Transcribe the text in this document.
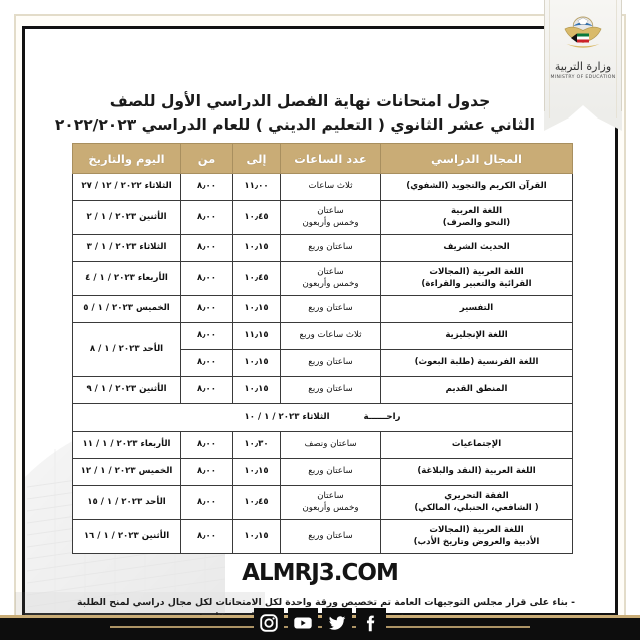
جدول امتحانات نهاية الفصل الدراسي الأول للصف
الثاني عشر الثانوي ( التعليم الديني ) للعام الدراسي ٢٠٢٢/٢٠٢٣
المجال الدراسي	عدد الساعات	إلى	من	اليوم والتاريخ

القرآن الكريم والتجويد (الشفوي)	ثلاث ساعات	١١٫٠٠	٨٫٠٠	الثلاثاء ٢٠٢٢ / ١٢ / ٢٧

اللغة العربية
(النحو والصرف)	ساعتان
وخمس وأربعون	١٠٫٤٥	٨٫٠٠	الأثنين ٢٠٢٣ / ١ / ٢

الحديث الشريف	ساعتان وربع	١٠٫١٥	٨٫٠٠	الثلاثاء ٢٠٢٣ / ١ / ٣

اللغة العربية (المجالات
القرائية والتعبير والقراءة)	ساعتان
وخمس وأربعون	١٠٫٤٥	٨٫٠٠	الأربعاء ٢٠٢٣ / ١ / ٤

التفسير	ساعتان وربع	١٠٫١٥	٨٫٠٠	الخميس ٢٠٢٣ / ١ / ٥

اللغة الإنجليزية	ثلاث ساعات وربع	١١٫١٥	٨٫٠٠	الأحد ٢٠٢٣ / ١ / ٨

اللغة الفرنسية (طلبة البعوث)	ساعتان وربع	١٠٫١٥	٨٫٠٠	

المنطق القديم	ساعتان وربع	١٠٫١٥	٨٫٠٠	الأثنين ٢٠٢٣ / ١ / ٩

راحــــــة
الثلاثاء ٢٠٢٣ / ١ / ١٠				

الإجتماعيات	ساعتان ونصف	١٠٫٣٠	٨٫٠٠	الأربعاء ٢٠٢٣ / ١ / ١١

اللغة العربية (النقد والبلاغة)	ساعتان وربع	١٠٫١٥	٨٫٠٠	الخميس ٢٠٢٣ / ١ / ١٢

الفقة التحريري
( الشافعي، الحنبلي، المالكي)	ساعتان
وخمس وأربعون	١٠٫٤٥	٨٫٠٠	الأحد ٢٠٢٣ / ١ / ١٥

اللغة العربية (المجالات
الأدبية والعروض وتاريخ الأدب)	ساعتان وربع	١٠٫١٥	٨٫٠٠	الأثنين ٢٠٢٣ / ١ / ١٦
- بناء على قرار مجلس التوجيهات العامة تم تخصيص ورقة واحدة لكل الامتحانات لكل مجال دراسي لمنح الطلبة
وزارة التربية
MINISTRY OF EDUCATION
ALMRJ3.COM
